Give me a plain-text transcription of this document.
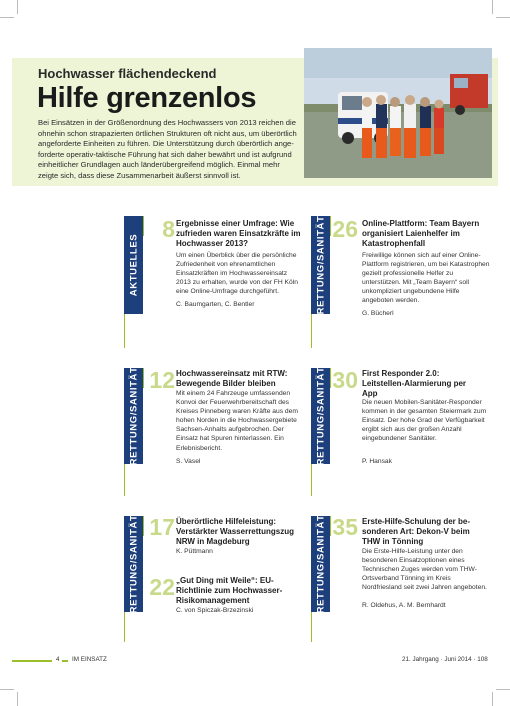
Hochwasser flächendeckend
Hilfe grenzenlos
Bei Einsätzen in der Größenordnung des Hochwassers von 2013 reichen die ohnehin schon strapazierten örtlichen Strukturen oft nicht aus, um überörtlich angeforderte Einheiten zu führen. Die Unterstützung durch überörtlich angeforderte operativ-taktische Führung hat sich daher bewährt und ist aufgrund einheitlicher Grundlagen auch länderübergreifend möglich. Einmal mehr zeigte sich, dass diese Zusammenarbeit äußerst sinnvoll ist.
AKTUELLES	RETTUNG/SANITÄT
RETTUNG/SANITÄT	RETTUNG/SANITÄT
RETTUNG/SANITÄT	RETTUNG/SANITÄT
8 Ergebnisse einer Umfrage: Wie zufrieden waren Einsatzkräfte im Hochwasser 2013?
Um einen Überblick über die persönliche Zufriedenheit von ehrenamtlichen Einsatzkräften im Hochwassereinsatz 2013 zu erhalten, wurde von der FH Köln eine Online-Umfrage durchgeführt.
C. Baumgarten, C. Bentler
26 Online-Plattform: Team Bayern organisiert Laienhelfer im Katastrophenfall
Freiwillige können sich auf einer Online-Plattform registrieren, um bei Katastrophen gezielt professionelle Helfer zu unterstützen. Mit „Team Bayern“ soll unkompliziert ungebundene Hilfe angeboten werden.
G. Bücherl
12 Hochwassereinsatz mit RTW: Bewegende Bilder bleiben
Mit einem 24 Fahrzeuge umfassenden Konvoi der Feuerwehrbereitschaft des Kreises Pinneberg waren Kräfte aus dem hohen Norden in die Hochwassergebiete Sachsen-Anhalts aufgebrochen. Der Einsatz hat Spuren hinterlassen. Ein Erlebnisbericht.
S. Vasel
30 First Responder 2.0: Leitstellen-Alarmierung per App
Die neuen Mobilen-Sanitäter-Responder kommen in der gesamten Steiermark zum Einsatz. Der hohe Grad der Verfügbarkeit ergibt sich aus der großen Anzahl eingebundener Sanitäter.
P. Hansak
17 Überörtliche Hilfeleistung: Verstärkter Wasserrettungszug NRW in Magdeburg
K. Püttmann
22 „Gut Ding mit Weile“: EU-Richtlinie zum Hochwasser-Risikomanagement
C. von Spiczak-Brzezinski
35 Erste-Hilfe-Schulung der besonderen Art: Dekon-V beim THW in Tönning
Die Erste-Hilfe-Leistung unter den besonderen Einsatzoptionen eines Technischen Zuges werden vom THW-Ortsverband Tönning im Kreis Nordfriesland seit zwei Jahren angeboten.
R. Oldehus, A. M. Bernhardt
4 IM EINSATZ	21. Jahrgang · Juni 2014 · 108
